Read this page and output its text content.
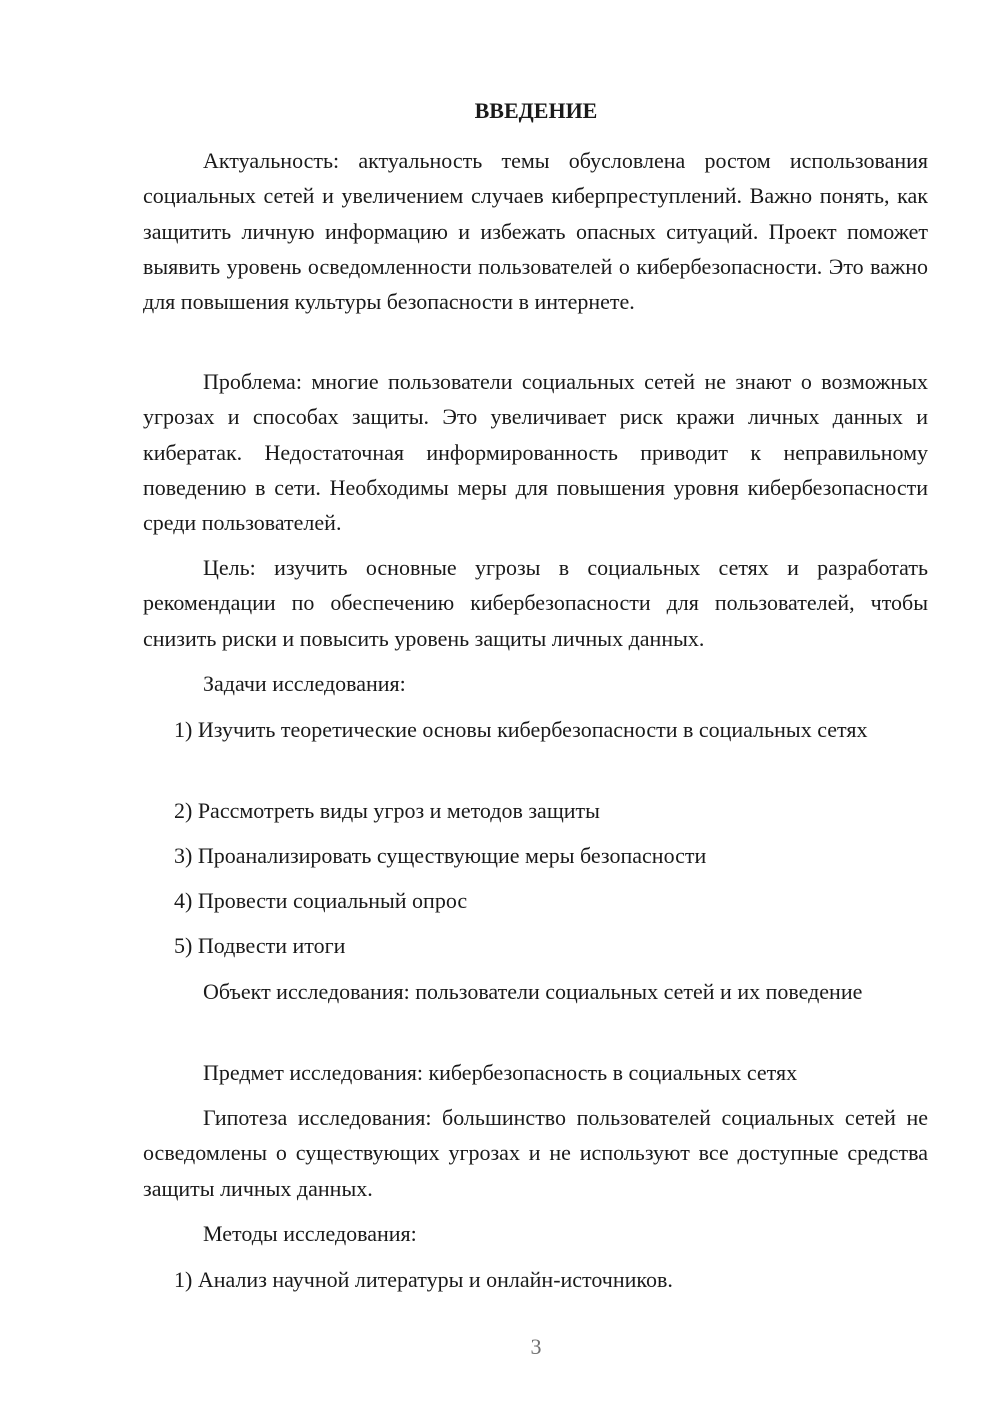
ВВЕДЕНИЕ

Актуальность: актуальность темы обусловлена ростом использования социальных сетей и увеличением случаев киберпреступлений. Важно понять, как защитить личную информацию и избежать опасных ситуаций. Проект поможет выявить уровень осведомленности пользователей о кибербезопасности. Это важно для повышения культуры безопасности в интернете.

Проблема: многие пользователи социальных сетей не знают о возможных угрозах и способах защиты. Это увеличивает риск кражи личных данных и кибератак. Недостаточная информированность приводит к неправильному поведению в сети. Необходимы меры для повышения уровня кибербезопасности среди пользователей.

Цель: изучить основные угрозы в социальных сетях и разработать рекомендации по обеспечению кибербезопасности для пользователей, чтобы снизить риски и повысить уровень защиты личных данных.

Задачи исследования:

1) Изучить теоретические основы кибербезопасности в социальных сетях

2) Рассмотреть виды угроз и методов защиты

3) Проанализировать существующие меры безопасности

4) Провести социальный опрос

5) Подвести итоги

Объект исследования: пользователи социальных сетей и их поведение

Предмет исследования: кибербезопасность в социальных сетях

Гипотеза исследования: большинство пользователей социальных сетей не осведомлены о существующих угрозах и не используют все доступные средства защиты личных данных.

Методы исследования:

1) Анализ научной литературы и онлайн-источников.

3
